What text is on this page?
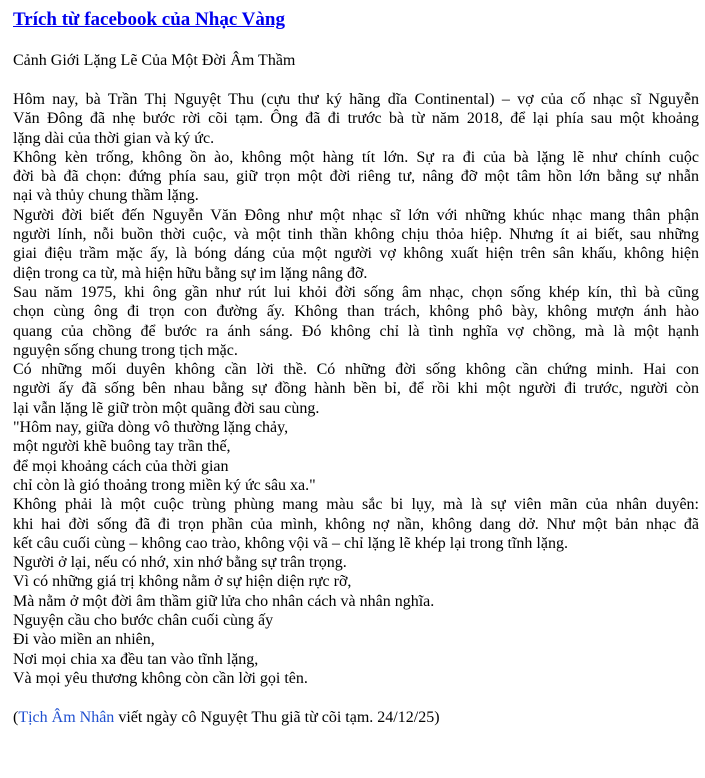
Trích từ facebook của Nhạc Vàng
Cảnh Giới Lặng Lẽ Của Một Đời Âm Thầm
Hôm nay, bà Trần Thị Nguyệt Thu (cựu thư ký hãng dĩa Continental) – vợ của cố nhạc sĩ Nguyễn
Văn Đông đã nhẹ bước rời cõi tạm. Ông đã đi trước bà từ năm 2018, để lại phía sau một khoảng
lặng dài của thời gian và ký ức.
Không kèn trống, không ồn ào, không một hàng tít lớn. Sự ra đi của bà lặng lẽ như chính cuộc
đời bà đã chọn: đứng phía sau, giữ trọn một đời riêng tư, nâng đỡ một tâm hồn lớn bằng sự nhẫn
nại và thủy chung thầm lặng.
Người đời biết đến Nguyễn Văn Đông như một nhạc sĩ lớn với những khúc nhạc mang thân phận
người lính, nỗi buồn thời cuộc, và một tinh thần không chịu thỏa hiệp. Nhưng ít ai biết, sau những
giai điệu trầm mặc ấy, là bóng dáng của một người vợ không xuất hiện trên sân khấu, không hiện
diện trong ca từ, mà hiện hữu bằng sự im lặng nâng đỡ.
Sau năm 1975, khi ông gần như rút lui khỏi đời sống âm nhạc, chọn sống khép kín, thì bà cũng
chọn cùng ông đi trọn con đường ấy. Không than trách, không phô bày, không mượn ánh hào
quang của chồng để bước ra ánh sáng. Đó không chỉ là tình nghĩa vợ chồng, mà là một hạnh
nguyện sống chung trong tịch mặc.
Có những mối duyên không cần lời thề. Có những đời sống không cần chứng minh. Hai con
người ấy đã sống bên nhau bằng sự đồng hành bền bỉ, để rồi khi một người đi trước, người còn
lại vẫn lặng lẽ giữ tròn một quãng đời sau cùng.
"Hôm nay, giữa dòng vô thường lặng chảy,
một người khẽ buông tay trần thế,
để mọi khoảng cách của thời gian
chỉ còn là gió thoảng trong miền ký ức sâu xa."
Không phải là một cuộc trùng phùng mang màu sắc bi lụy, mà là sự viên mãn của nhân duyên:
khi hai đời sống đã đi trọn phần của mình, không nợ nần, không dang dở. Như một bản nhạc đã
kết câu cuối cùng – không cao trào, không vội vã – chỉ lặng lẽ khép lại trong tĩnh lặng.
Người ở lại, nếu có nhớ, xin nhớ bằng sự trân trọng.
Vì có những giá trị không nằm ở sự hiện diện rực rỡ,
Mà nằm ở một đời âm thầm giữ lửa cho nhân cách và nhân nghĩa.
Nguyện cầu cho bước chân cuối cùng ấy
Đi vào miền an nhiên,
Nơi mọi chia xa đều tan vào tĩnh lặng,
Và mọi yêu thương không còn cần lời gọi tên.
(Tịch Âm Nhân viết ngày cô Nguyệt Thu giã từ cõi tạm. 24/12/25)
